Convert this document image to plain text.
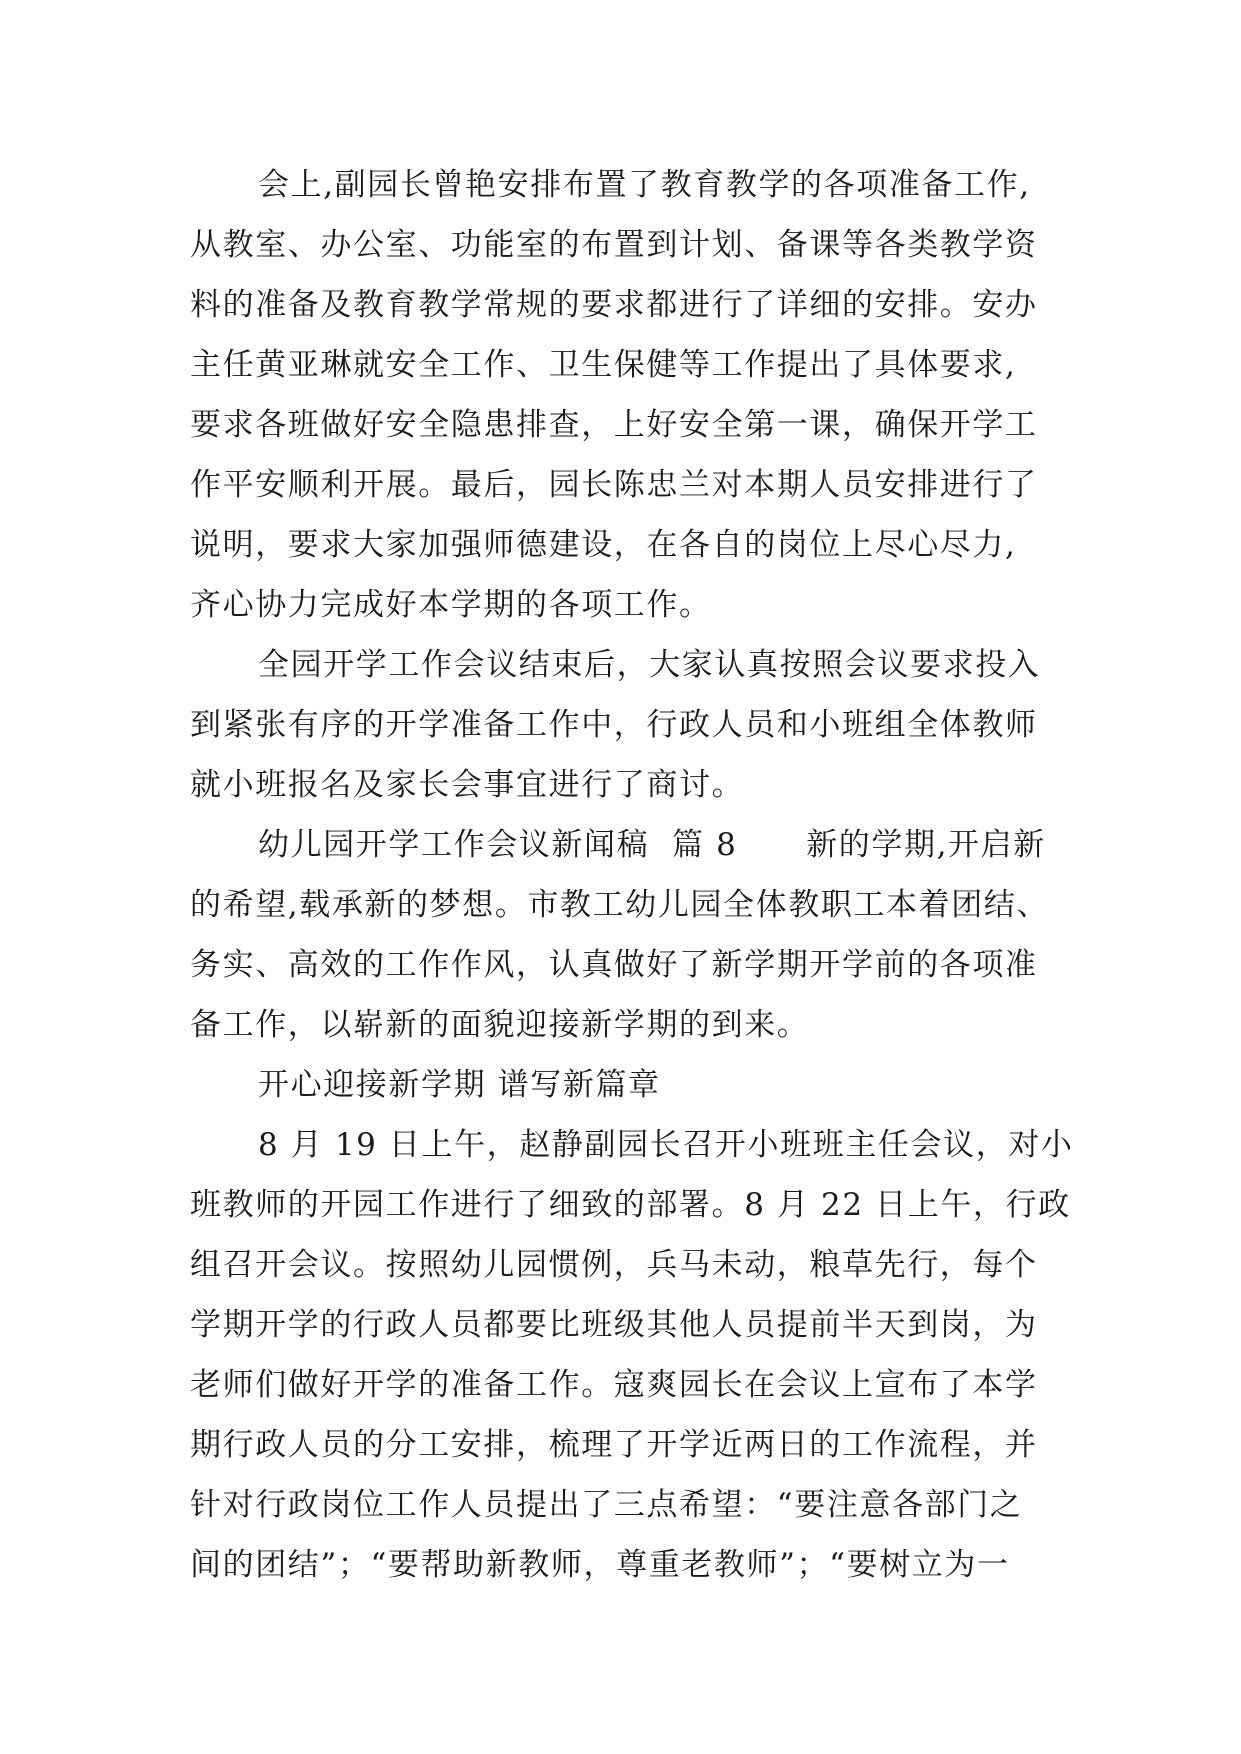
会上,副园长曾艳安排布置了教育教学的各项准备工作,
从教室、办公室、功能室的布置到计划、备课等各类教学资
料的准备及教育教学常规的要求都进行了详细的安排。安办
主任黄亚琳就安全工作、卫生保健等工作提出了具体要求,
要求各班做好安全隐患排查，上好安全第一课，确保开学工
作平安顺利开展。最后，园长陈忠兰对本期人员安排进行了
说明，要求大家加强师德建设，在各自的岗位上尽心尽力,
齐心协力完成好本学期的各项工作。
全园开学工作会议结束后，大家认真按照会议要求投入
到紧张有序的开学准备工作中，行政人员和小班组全体教师
就小班报名及家长会事宜进行了商讨。
幼儿园开学工作会议新闻稿  篇 8      新的学期,开启新
的希望,载承新的梦想。市教工幼儿园全体教职工本着团结、
务实、高效的工作作风，认真做好了新学期开学前的各项准
备工作，以崭新的面貌迎接新学期的到来。
开心迎接新学期 谱写新篇章
8 月 19 日上午，赵静副园长召开小班班主任会议，对小
班教师的开园工作进行了细致的部署。8 月 22 日上午，行政
组召开会议。按照幼儿园惯例，兵马未动，粮草先行，每个
学期开学的行政人员都要比班级其他人员提前半天到岗，为
老师们做好开学的准备工作。寇爽园长在会议上宣布了本学
期行政人员的分工安排，梳理了开学近两日的工作流程，并
针对行政岗位工作人员提出了三点希望：“要注意各部门之
间的团结”；“要帮助新教师，尊重老教师”；“要树立为一
